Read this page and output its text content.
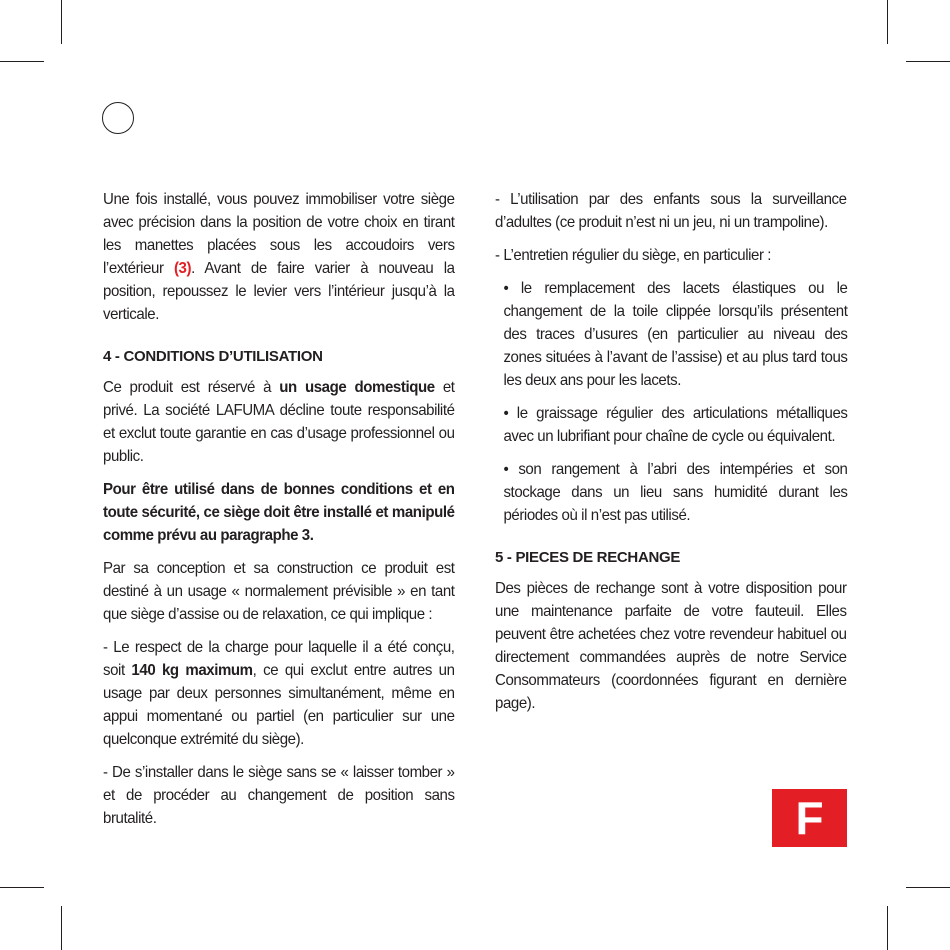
Une fois installé, vous pouvez immobiliser votre siège avec précision dans la position de votre choix en tirant les manettes placées sous les accoudoirs vers l’extérieur (3). Avant de faire varier à nouveau la position, repoussez le levier vers l’intérieur jusqu’à la verticale.

4 - CONDITIONS D’UTILISATION

Ce produit est réservé à un usage domestique et privé. La société LAFUMA décline toute responsabilité et exclut toute garantie en cas d’usage professionnel ou public.

Pour être utilisé dans de bonnes conditions et en toute sécurité, ce siège doit être installé et manipulé comme prévu au paragraphe 3.

Par sa conception et sa construction ce produit est destiné à un usage « normalement prévisible » en tant que siège d’assise ou de relaxation, ce qui implique :

- Le respect de la charge pour laquelle il a été conçu, soit 140 kg maximum, ce qui exclut entre autres un usage par deux personnes simultanément, même en appui momentané ou partiel (en particulier sur une quelconque extrémité du siège).

- De s’installer dans le siège sans se « laisser tomber » et de procéder au changement de position sans brutalité.

- L’utilisation par des enfants sous la surveillance d’adultes (ce produit n’est ni un jeu, ni un trampoline).

- L’entretien régulier du siège, en particulier :

• le remplacement des lacets élastiques ou le changement de la toile clippée lorsqu’ils présentent des traces d’usures (en particulier au niveau des zones situées à l’avant de l’assise) et au plus tard tous les deux ans pour les lacets.

• le graissage régulier des articulations métalliques avec un lubrifiant pour chaîne de cycle ou équivalent.

• son rangement à l’abri des intempéries et son stockage dans un lieu sans humidité durant les périodes où il n’est pas utilisé.

5 - PIECES DE RECHANGE

Des pièces de rechange sont à votre disposition pour une maintenance parfaite de votre fauteuil. Elles peuvent être achetées chez votre revendeur habituel ou directement commandées auprès de notre Service Consommateurs (coordonnées figurant en dernière page).

F
